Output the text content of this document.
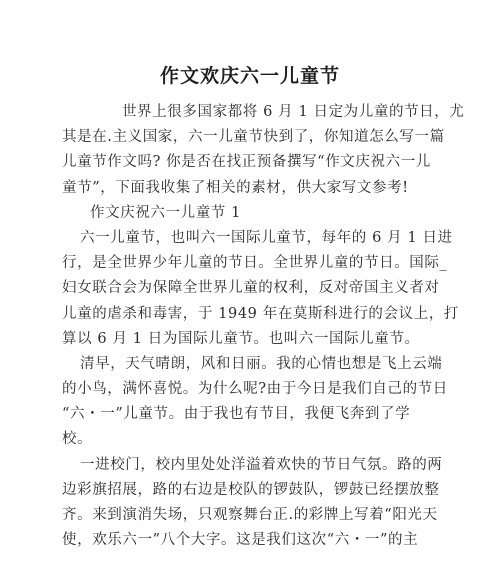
作文欢庆六一儿童节
世界上很多国家都将 6 月 1 日定为儿童的节日，尤
其是在.主义国家，六一儿童节快到了，你知道怎么写一篇
儿童节作文吗? 你是否在找正预备撰写“作文庆祝六一儿
童节”，下面我收集了相关的素材，供大家写文参考!
作文庆祝六一儿童节 1
六一儿童节，也叫六一国际儿童节，每年的 6 月 1 日进
行，是全世界少年儿童的节日。全世界儿童的节日。国际_
妇女联合会为保障全世界儿童的权利，反对帝国主义者对
儿童的虐杀和毒害，于 1949 年在莫斯科进行的会议上，打
算以 6 月 1 日为国际儿童节。也叫六一国际儿童节。
清早，天气晴朗，风和日丽。我的心情也想是飞上云端
的小鸟，满怀喜悦。为什么呢?由于今日是我们自己的节日
“六・一”儿童节。由于我也有节目，我便飞奔到了学
校。
一进校门，校内里处处洋溢着欢快的节日气氛。路的两
边彩旗招展，路的右边是校队的锣鼓队，锣鼓已经摆放整
齐。来到演消失场，只观察舞台正.的彩牌上写着“阳光天
使，欢乐六一”八个大字。这是我们这次“六・一”的主
